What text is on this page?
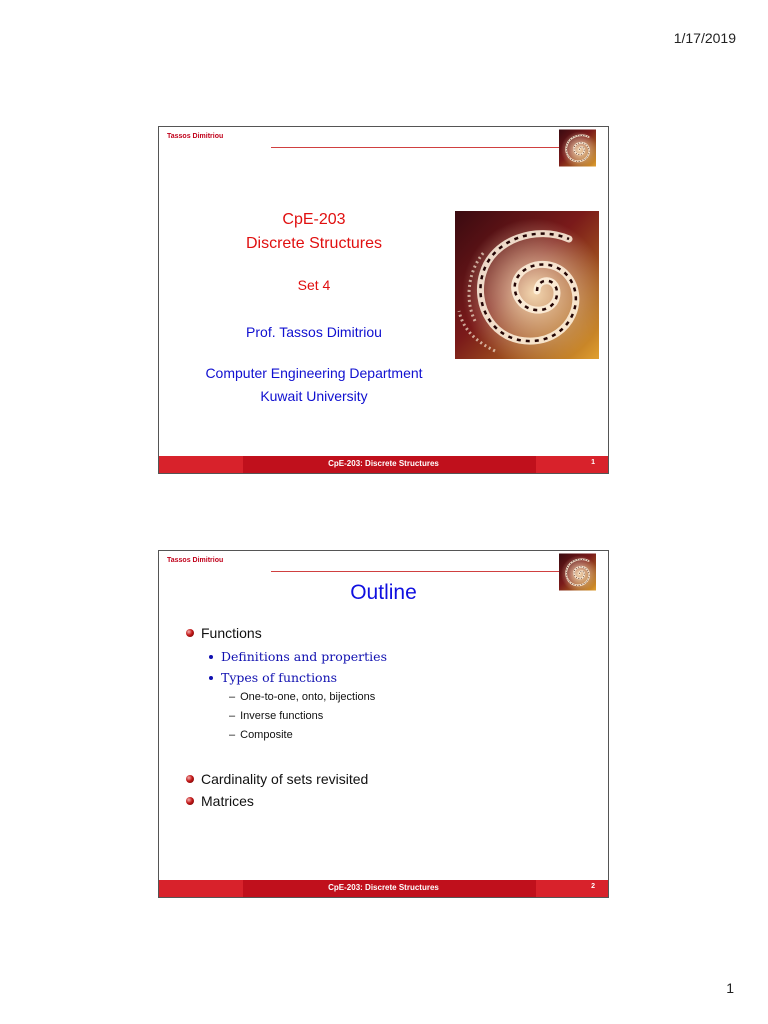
1/17/2019
Tassos Dimitriou
CpE-203
Discrete Structures
Set 4
Prof. Tassos Dimitriou
Computer Engineering Department
Kuwait University
CpE-203: Discrete Structures	1
Tassos Dimitriou
Outline
Functions
Definitions and properties
Types of functions
– One-to-one, onto, bijections
– Inverse functions
– Composite
Cardinality of sets revisited
Matrices
CpE-203: Discrete Structures	2
1
